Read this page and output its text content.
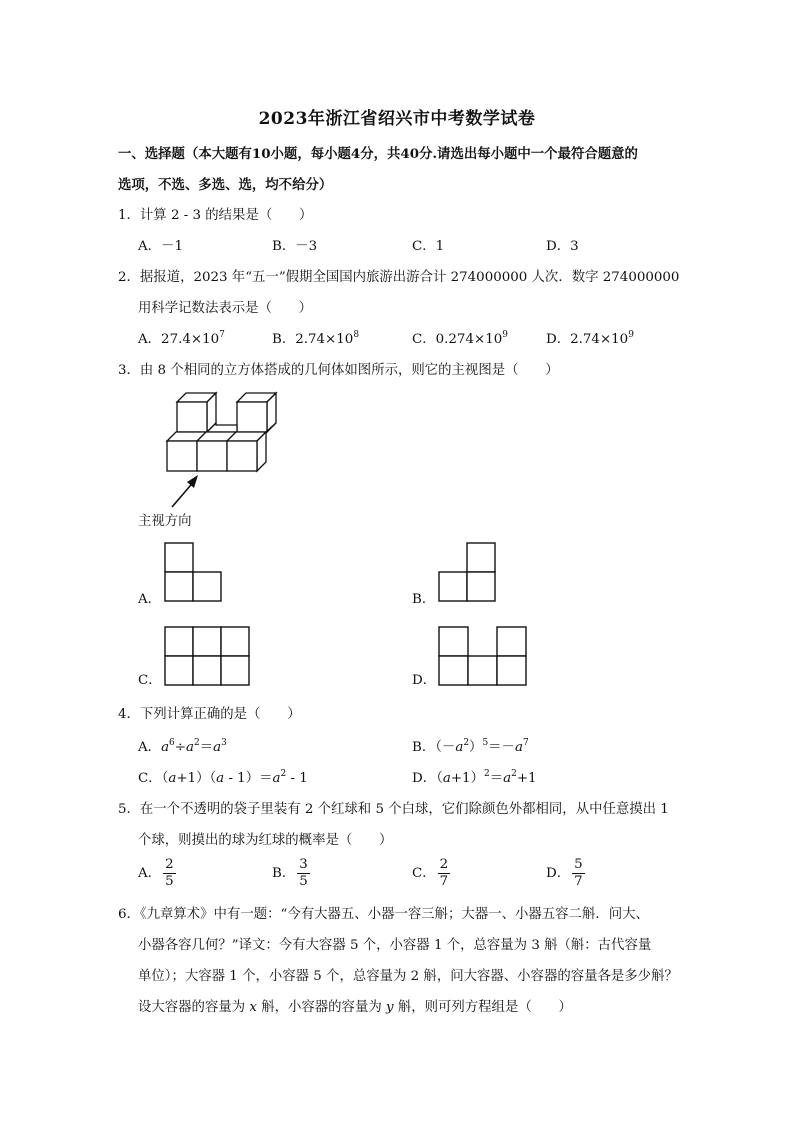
2023年浙江省绍兴市中考数学试卷
一、选择题（本大题有10小题，每小题4分，共40分.请选出每小题中一个最符合题意的
选项，不选、多选、选，均不给分）
1．计算 2 - 3 的结果是（　　）
A．－1	B．－3	C．1	D．3
2．据报道，2023 年“五一”假期全国国内旅游出游合计 274000000 人次．数字 274000000
用科学记数法表示是（　　）
A．$27.4\times 10^7$	B．$2.74\times 10^8$	C．$0.274\times 10^9$	D．$2.74\times 10^9$
3．由 8 个相同的立方体搭成的几何体如图所示，则它的主视图是（　　）
主视方向
A．	B．
C．	D．
4．下列计算正确的是（　　）
A．$a^6\div a^2=a^3$	B．$(-a^2)^5=-a^7$
C．$(a+1)(a - 1)=a^2 - 1$	D．$(a+1)^2=a^2+1$
5．在一个不透明的袋子里装有 2 个红球和 5 个白球，它们除颜色外都相同，从中任意摸出 1
个球，则摸出的球为红球的概率是（　　）
A． $\frac{2}{5}$	B． $\frac{3}{5}$	C． $\frac{2}{7}$	D． $\frac{5}{7}$
6．《九章算术》中有一题：“今有大器五、小器一容三斛；大器一、小器五容二斛．问大、
小器各容几何？”译文：今有大容器 5 个，小容器 1 个，总容量为 3 斛（斛：古代容量
单位）；大容器 1 个，小容器 5 个，总容量为 2 斛，问大容器、小容器的容量各是多少斛？
设大容器的容量为 x 斛，小容器的容量为 y 斛，则可列方程组是（　　）
